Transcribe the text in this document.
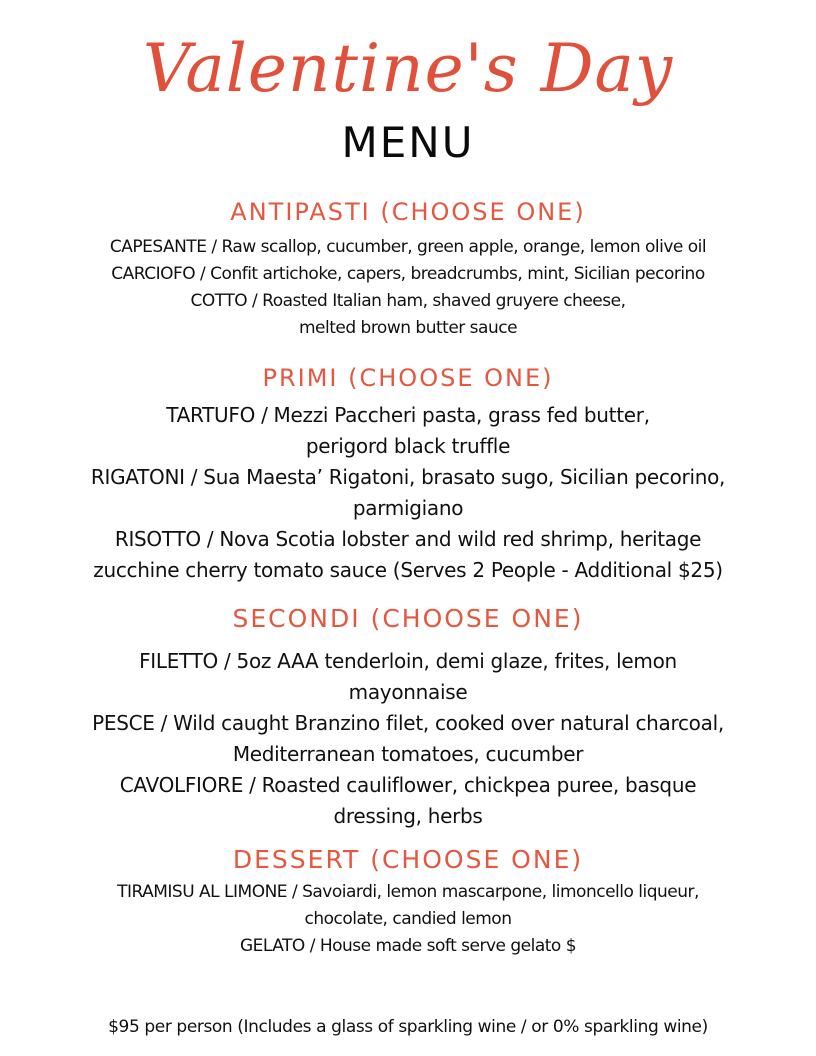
Valentine's Day
MENU
ANTIPASTI (CHOOSE ONE)
CAPESANTE / Raw scallop, cucumber, green apple, orange, lemon olive oil
CARCIOFO / Confit artichoke, capers, breadcrumbs, mint, Sicilian pecorino
COTTO / Roasted Italian ham, shaved gruyere cheese,
melted brown butter sauce
PRIMI (CHOOSE ONE)
TARTUFO / Mezzi Paccheri pasta, grass fed butter,
perigord black truffle
RIGATONI / Sua Maesta’ Rigatoni, brasato sugo, Sicilian pecorino,
parmigiano
RISOTTO / Nova Scotia lobster and wild red shrimp, heritage
zucchine cherry tomato sauce (Serves 2 People - Additional $25)
SECONDI (CHOOSE ONE)
FILETTO / 5oz AAA tenderloin, demi glaze, frites, lemon
mayonnaise
PESCE / Wild caught Branzino filet, cooked over natural charcoal,
Mediterranean tomatoes, cucumber
CAVOLFIORE / Roasted cauliflower, chickpea puree, basque
dressing, herbs
DESSERT (CHOOSE ONE)
TIRAMISU AL LIMONE / Savoiardi, lemon mascarpone, limoncello liqueur,
chocolate, candied lemon
GELATO / House made soft serve gelato $
$95 per person (Includes a glass of sparkling wine / or 0% sparkling wine)
